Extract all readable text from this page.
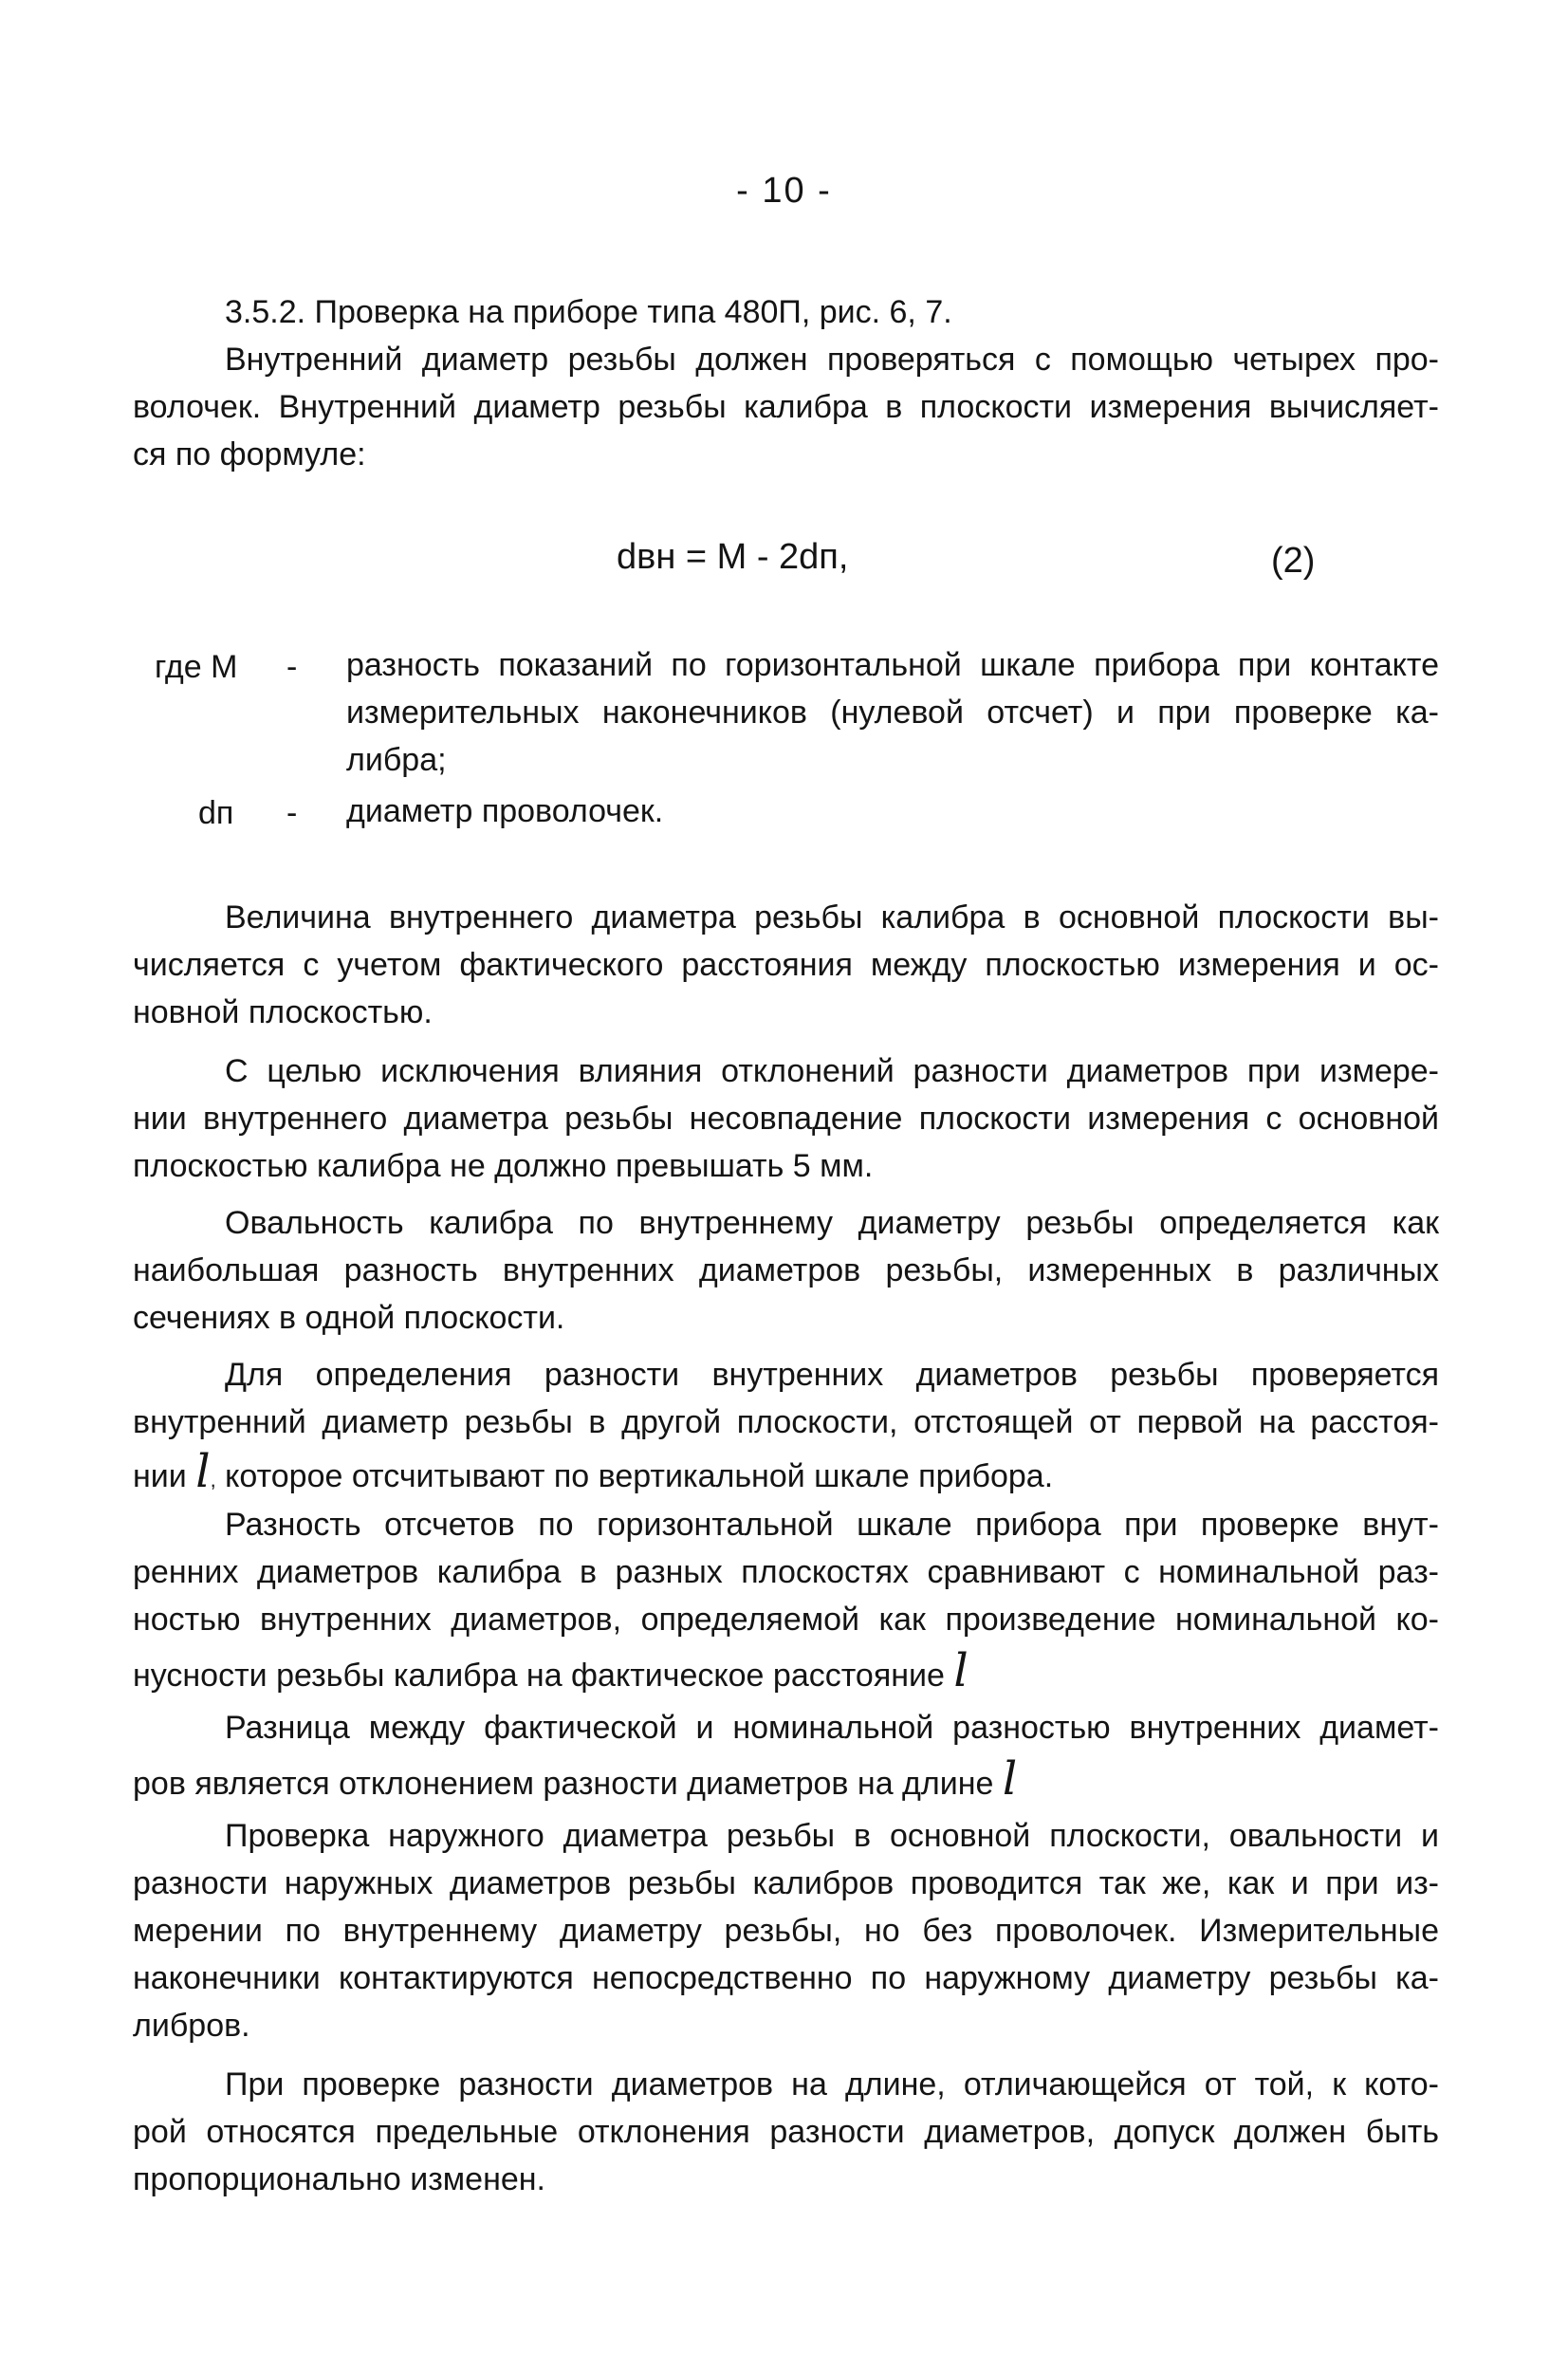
- 10 -
3.5.2. Проверка на приборе типа 480П, рис. 6, 7.
Внутренний диаметр резьбы должен проверяться с помощью четырех про-
волочек. Внутренний диаметр резьбы калибра в плоскости измерения вычисляет-
ся по формуле:
dвн = М - 2dп,	(2)
где М - разность показаний по горизонтальной шкале прибора при контакте
измерительных наконечников (нулевой отсчет) и при проверке ка-
либра;
dп - диаметр проволочек.
Величина внутреннего диаметра резьбы калибра в основной плоскости вы-
числяется с учетом фактического расстояния между плоскостью измерения и ос-
новной плоскостью.
С целью исключения влияния отклонений разности диаметров при измере-
нии внутреннего диаметра резьбы несовпадение плоскости измерения с основной
плоскостью калибра не должно превышать 5 мм.
Овальность калибра по внутреннему диаметру резьбы определяется как
наибольшая разность внутренних диаметров резьбы, измеренных в различных
сечениях в одной плоскости.
Для определения разности внутренних диаметров резьбы проверяется
внутренний диаметр резьбы в другой плоскости, отстоящей от первой на расстоя-
нии l, которое отсчитывают по вертикальной шкале прибора.
Разность отсчетов по горизонтальной шкале прибора при проверке внут-
ренних диаметров калибра в разных плоскостях сравнивают с номинальной раз-
ностью внутренних диаметров, определяемой как произведение номинальной ко-
нусности резьбы калибра на фактическое расстояние l
Разница между фактической и номинальной разностью внутренних диамет-
ров является отклонением разности диаметров на длине l
Проверка наружного диаметра резьбы в основной плоскости, овальности и
разности наружных диаметров резьбы калибров проводится так же, как и при из-
мерении по внутреннему диаметру резьбы, но без проволочек. Измерительные
наконечники контактируются непосредственно по наружному диаметру резьбы ка-
либров.
При проверке разности диаметров на длине, отличающейся от той, к кото-
рой относятся предельные отклонения разности диаметров, допуск должен быть
пропорционально изменен.
